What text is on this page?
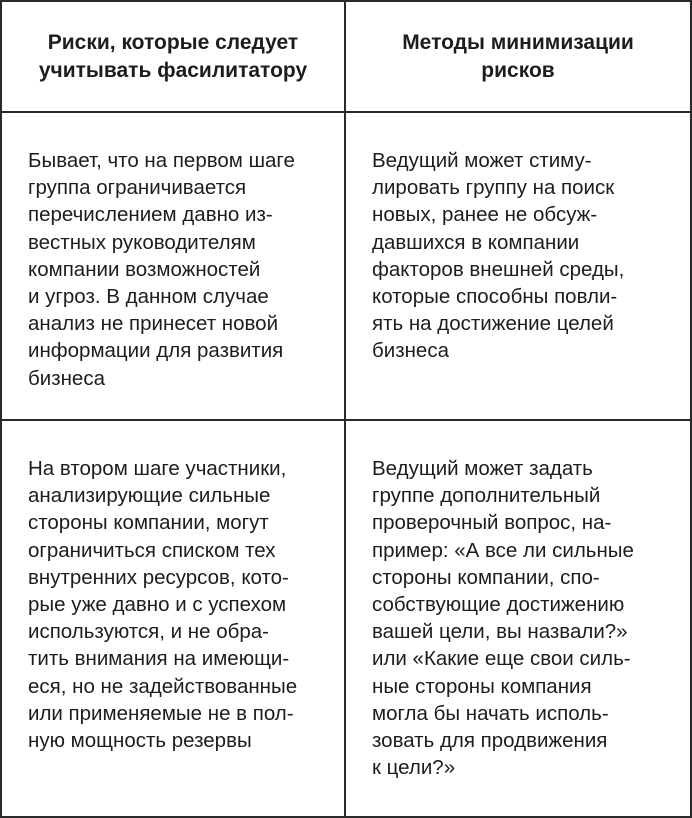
Риски, которые следует
учитывать фасилитатору
Методы минимизации
рисков
Бывает, что на первом шаге
группа ограничивается
перечислением давно из-
вестных руководителям
компании возможностей
и угроз. В данном случае
анализ не принесет новой
информации для развития
бизнеса
Ведущий может стиму-
лировать группу на поиск
новых, ранее не обсуж-
давшихся в компании
факторов внешней среды,
которые способны повли-
ять на достижение целей
бизнеса
На втором шаге участники,
анализирующие сильные
стороны компании, могут
ограничиться списком тех
внутренних ресурсов, кото-
рые уже давно и с успехом
используются, и не обра-
тить внимания на имеющи-
еся, но не задействованные
или применяемые не в пол-
ную мощность резервы
Ведущий может задать
группе дополнительный
проверочный вопрос, на-
пример: «А все ли сильные
стороны компании, спо-
собствующие достижению
вашей цели, вы назвали?»
или «Какие еще свои силь-
ные стороны компания
могла бы начать исполь-
зовать для продвижения
к цели?»
